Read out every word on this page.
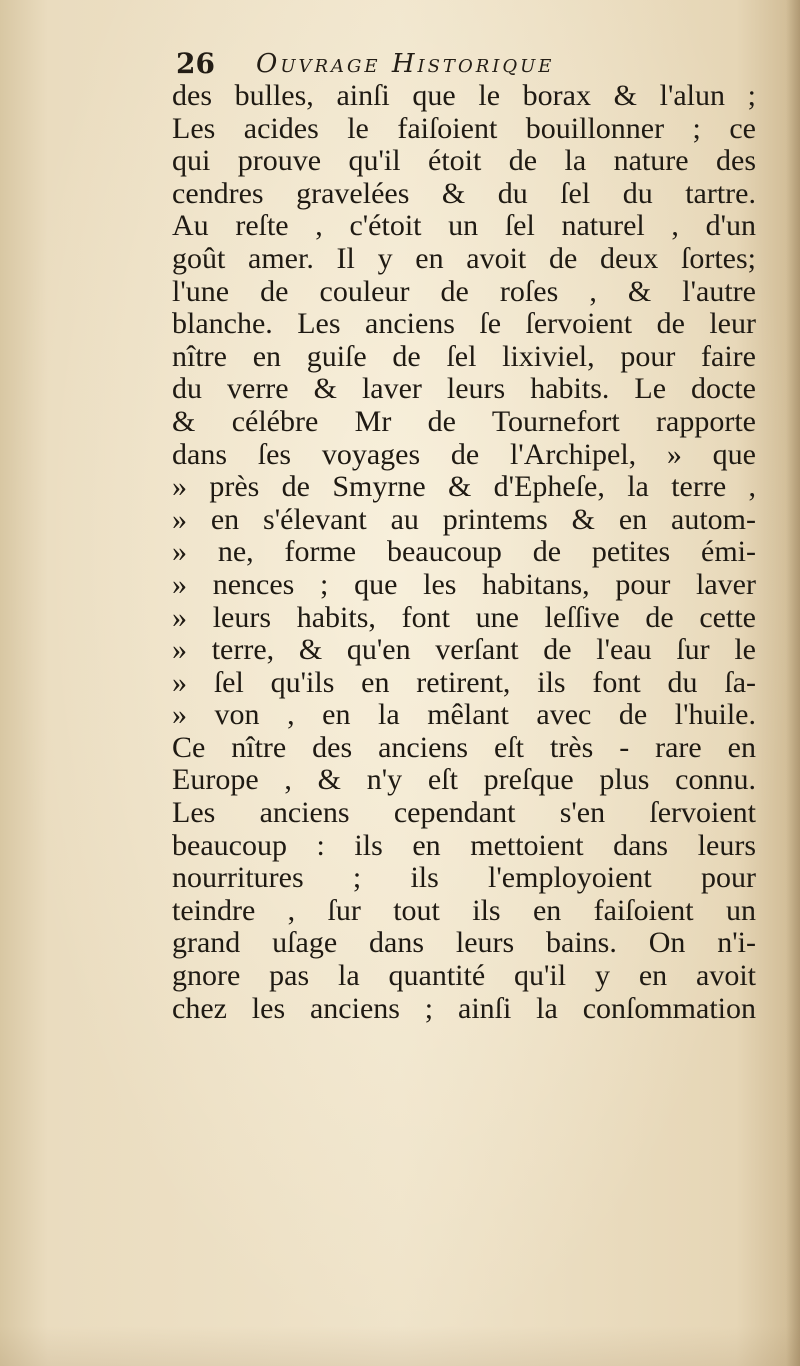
26 Ouvrage Historique
des bulles, ainſi que le borax & l'alun ;
Les acides le faiſoient bouillonner ; ce
qui prouve qu'il étoit de la nature des
cendres gravelées & du ſel du tartre.
Au reſte , c'étoit un ſel naturel , d'un
goût amer. Il y en avoit de deux ſortes;
l'une de couleur de roſes , & l'autre
blanche. Les anciens ſe ſervoient de leur
nître en guiſe de ſel lixiviel, pour faire
du verre & laver leurs habits. Le docte
& célébre Mr de Tournefort rapporte
dans ſes voyages de l'Archipel, » que
» près de Smyrne & d'Epheſe, la terre ,
» en s'élevant au printems & en autom-
» ne, forme beaucoup de petites émi-
» nences ; que les habitans, pour laver
» leurs habits, font une leſſive de cette
» terre, & qu'en verſant de l'eau ſur le
» ſel qu'ils en retirent, ils font du ſa-
» von , en la mêlant avec de l'huile.
Ce nître des anciens eſt très - rare en
Europe , & n'y eſt preſque plus connu.
Les anciens cependant s'en ſervoient
beaucoup : ils en mettoient dans leurs
nourritures ; ils l'employoient pour
teindre , ſur tout ils en faiſoient un
grand uſage dans leurs bains. On n'i-
gnore pas la quantité qu'il y en avoit
chez les anciens ; ainſi la conſommation
